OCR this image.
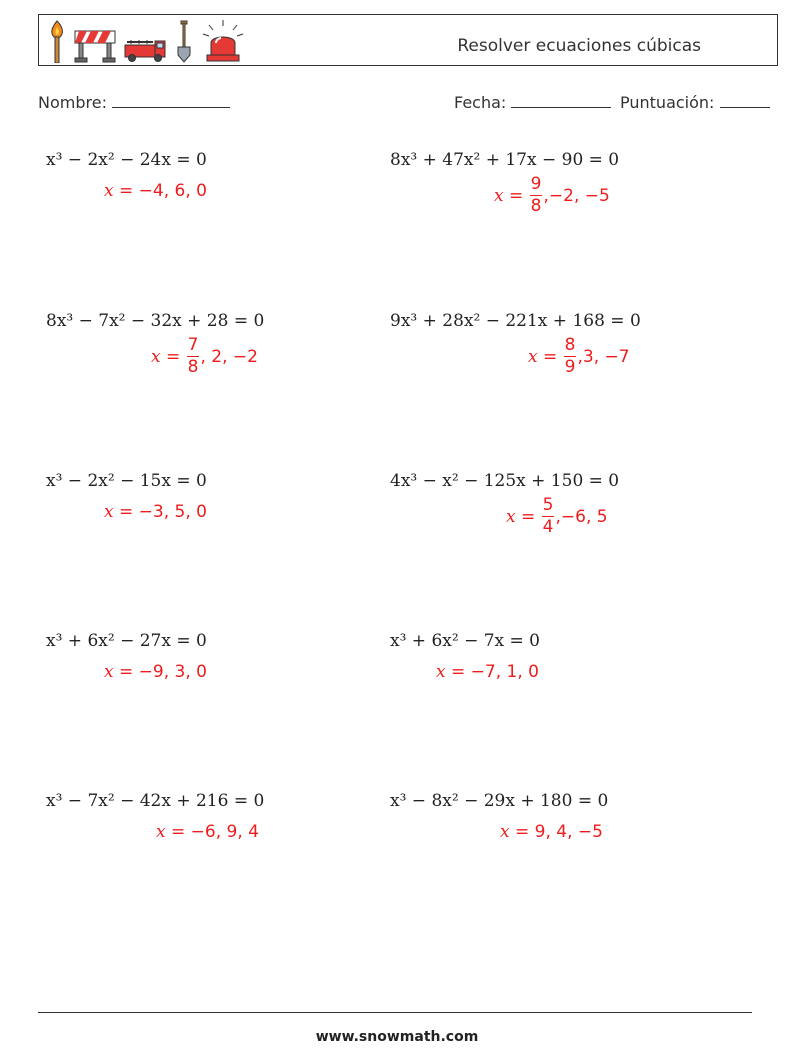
Resolver ecuaciones cúbicas
Nombre:	Fecha:	Puntuación:
x³ − 2x² − 24x = 0
x =
−4, 6, 0
8x³ + 47x² + 17x − 90 = 0
x =
$\frac{9}{8} ,-2$, −5
8x³ − 7x² − 32x + 28 = 0
x =
$\frac{7}{8}$ , 2, −2
9x³ + 28x² − 221x + 168 = 0
x =
$\frac{8}{9} ,3$, −7
x³ − 2x² − 15x = 0
x =
−3, 5, 0
4x³ − x² − 125x + 150 = 0
x =
$\frac{5}{4} ,-6$, 5
x³ + 6x² − 27x = 0
x =
−9, 3, 0
x³ + 6x² − 7x = 0
x =
−7, 1, 0
x³ − 7x² − 42x + 216 = 0
x =
−6, 9, 4
x³ − 8x² − 29x + 180 = 0
x =
9, 4, −5
www.snowmath.com
